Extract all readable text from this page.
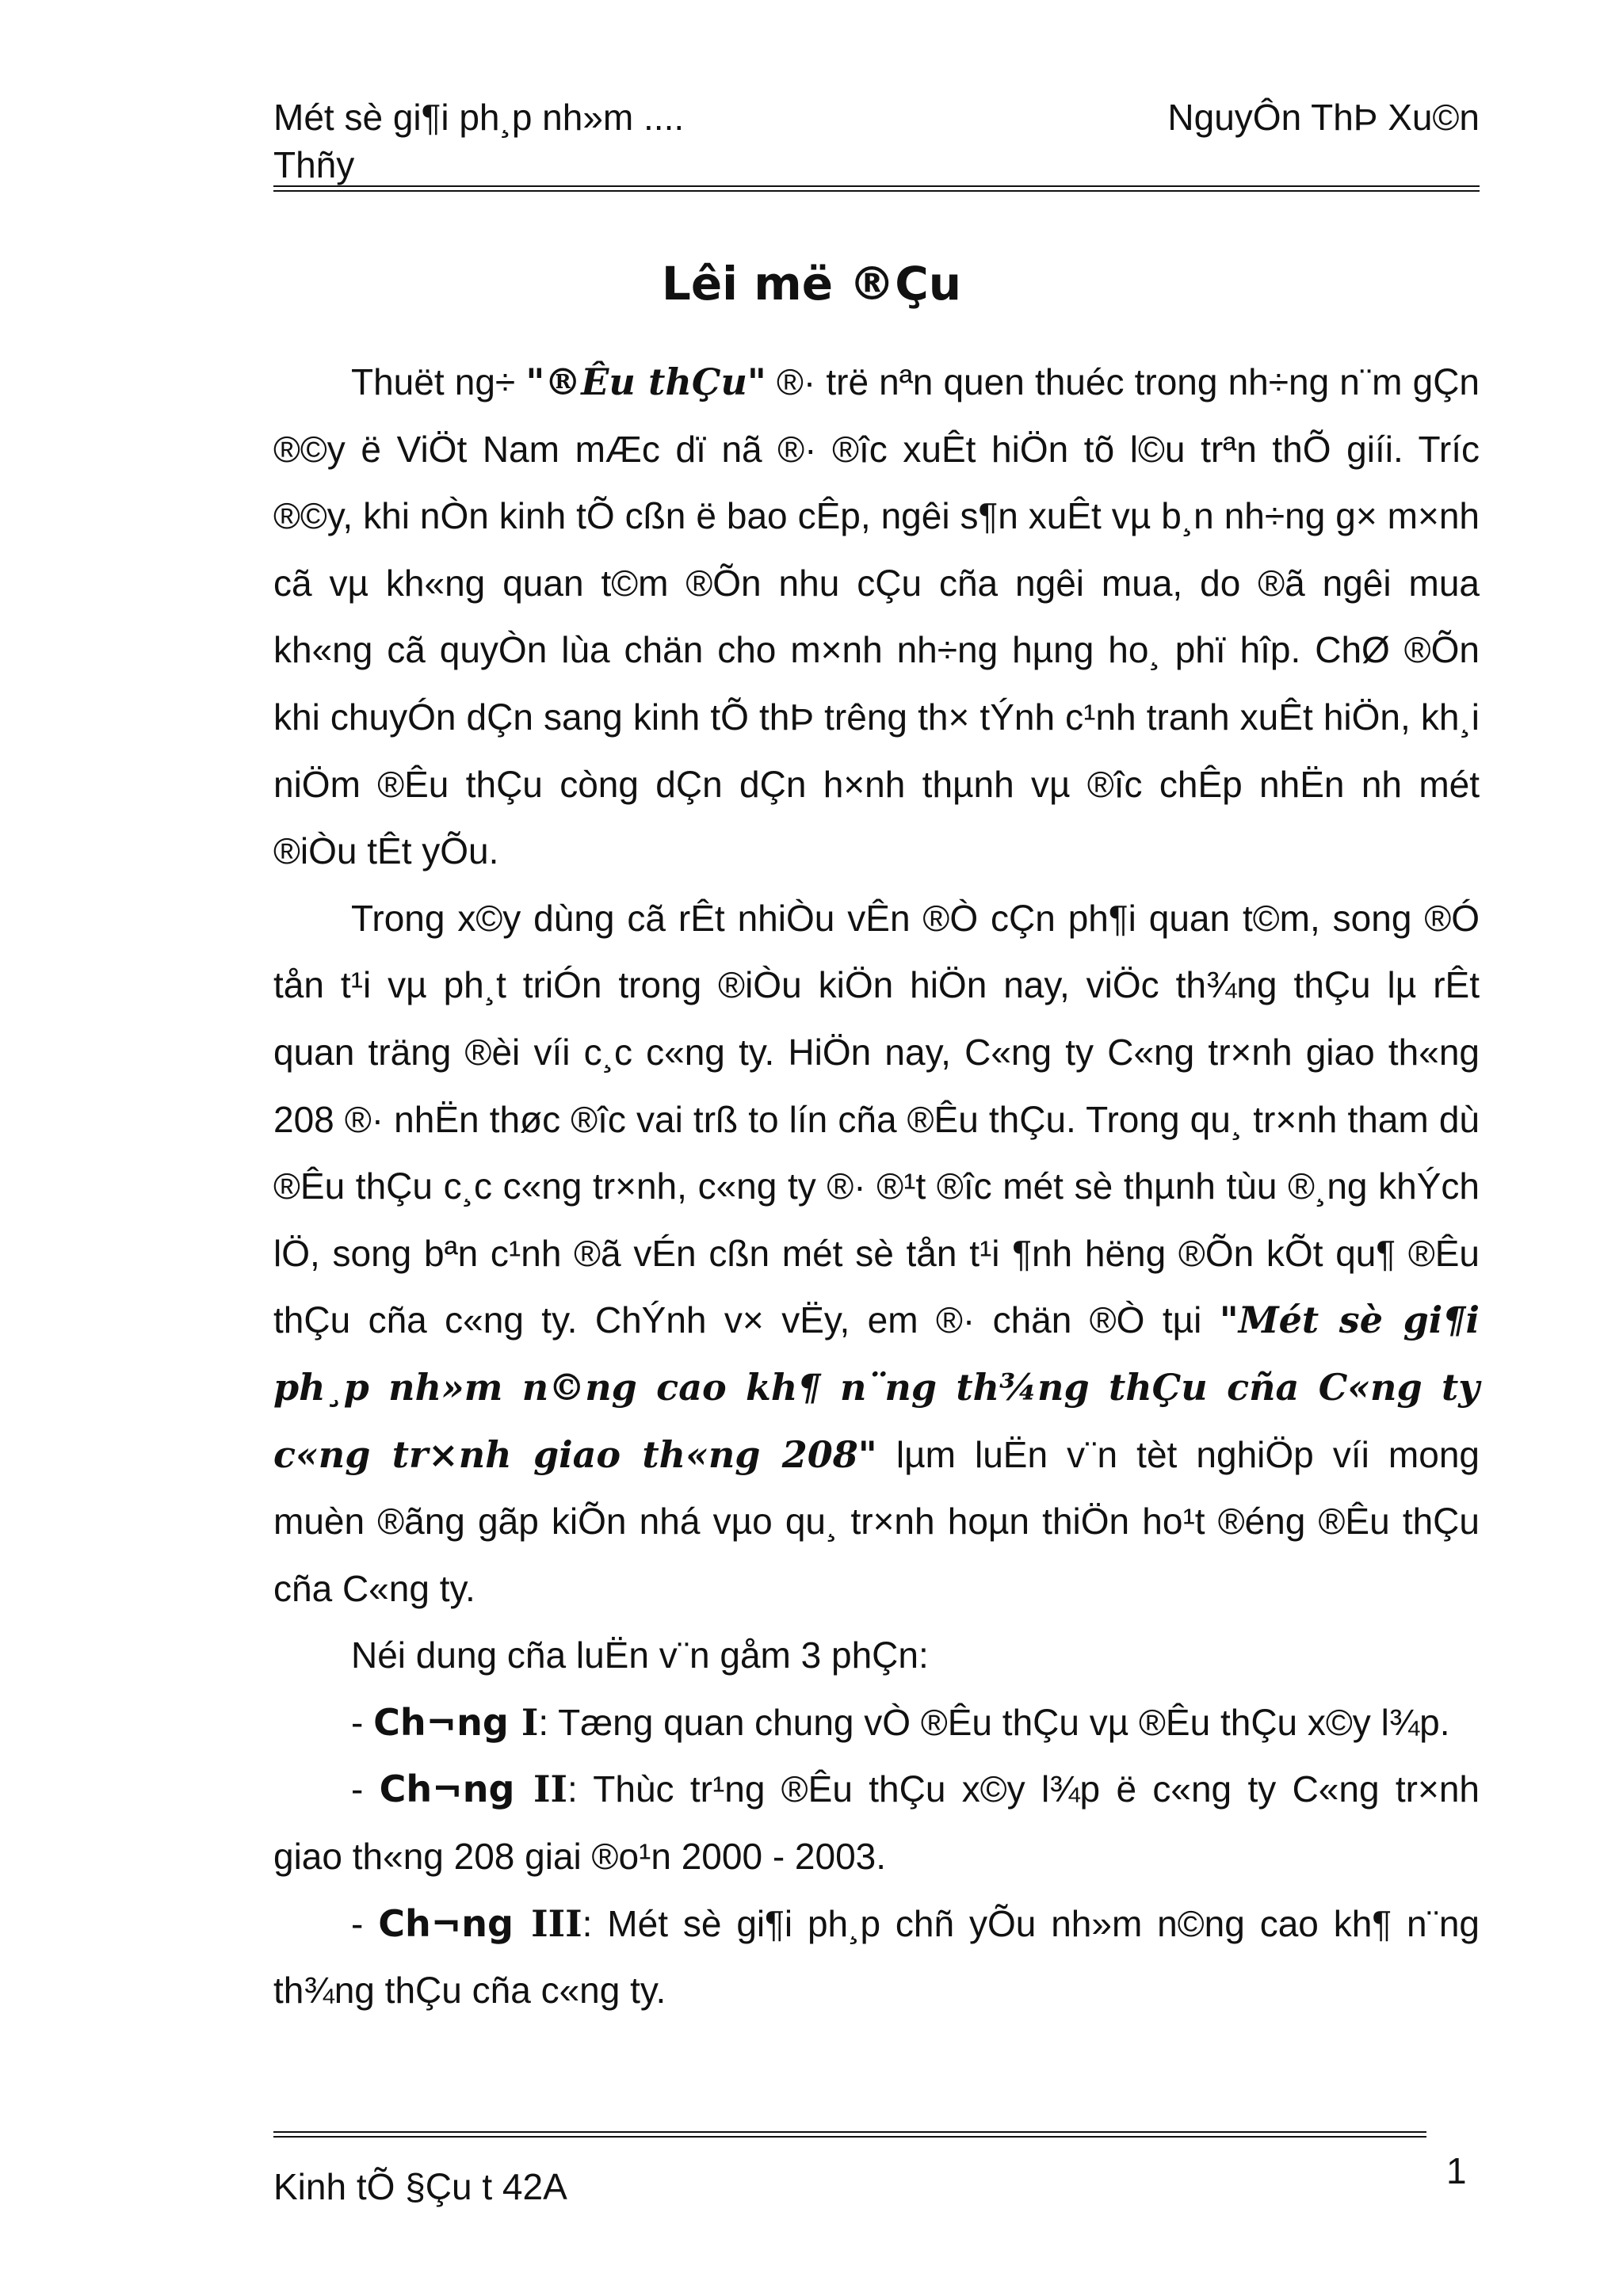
Mét sè gi¶i ph¸p nh»m ....	NguyÔn ThÞ Xu©n
Thñy
Lêi më ®Çu

Thuët ng÷ "®Êu thÇu" ®· trë nªn quen thuéc trong nh÷ng n¨m gÇn ®©y ë ViÖt Nam mÆc dï nã ®· ®îc xuÊt hiÖn tõ l©u trªn thÕ giíi. Tríc ®©y, khi nÒn kinh tÕ cßn ë bao cÊp, ngêi s¶n xuÊt vµ b¸n nh÷ng g× m×nh cã vµ kh«ng quan t©m ®Õn nhu cÇu cña ngêi mua, do ®ã ngêi mua kh«ng cã quyÒn lùa chän cho m×nh nh÷ng hµng ho¸ phï hîp. ChØ ®Õn khi chuyÓn dÇn sang kinh tÕ thÞ trêng th× tÝnh c¹nh tranh xuÊt hiÖn, kh¸i niÖm ®Êu thÇu còng dÇn dÇn h×nh thµnh vµ ®îc chÊp nhËn nh mét ®iÒu tÊt yÕu.

Trong x©y dùng cã rÊt nhiÒu vÊn ®Ò cÇn ph¶i quan t©m, song ®Ó tån t¹i vµ ph¸t triÓn trong ®iÒu kiÖn hiÖn nay, viÖc th¾ng thÇu lµ rÊt quan träng ®èi víi c¸c c«ng ty. HiÖn nay, C«ng ty C«ng tr×nh giao th«ng 208 ®· nhËn thøc ®îc vai trß to lín cña ®Êu thÇu. Trong qu¸ tr×nh tham dù ®Êu thÇu c¸c c«ng tr×nh, c«ng ty ®· ®¹t ®îc mét sè thµnh tùu ®¸ng khÝch lÖ, song bªn c¹nh ®ã vÉn cßn mét sè tån t¹i ¶nh hëng ®Õn kÕt qu¶ ®Êu thÇu cña c«ng ty. ChÝnh v× vËy, em ®· chän ®Ò tµi "Mét sè gi¶i ph¸p nh»m n©ng cao kh¶ n¨ng th¾ng thÇu cña C«ng ty c«ng tr×nh giao th«ng 208" lµm luËn v¨n tèt nghiÖp víi mong muèn ®ãng gãp kiÕn nhá vµo qu¸ tr×nh hoµn thiÖn ho¹t ®éng ®Êu thÇu cña C«ng ty.

Néi dung cña luËn v¨n gåm 3 phÇn:

- Ch¬ng I: Tæng quan chung vÒ ®Êu thÇu vµ ®Êu thÇu x©y l¾p.

- Ch¬ng II: Thùc tr¹ng ®Êu thÇu x©y l¾p ë c«ng ty C«ng tr×nh giao th«ng 208 giai ®o¹n 2000 - 2003.

- Ch¬ng III: Mét sè gi¶i ph¸p chñ yÕu nh»m n©ng cao kh¶ n¨ng th¾ng thÇu cña c«ng ty.

Kinh tÕ §Çu t 42A	1
